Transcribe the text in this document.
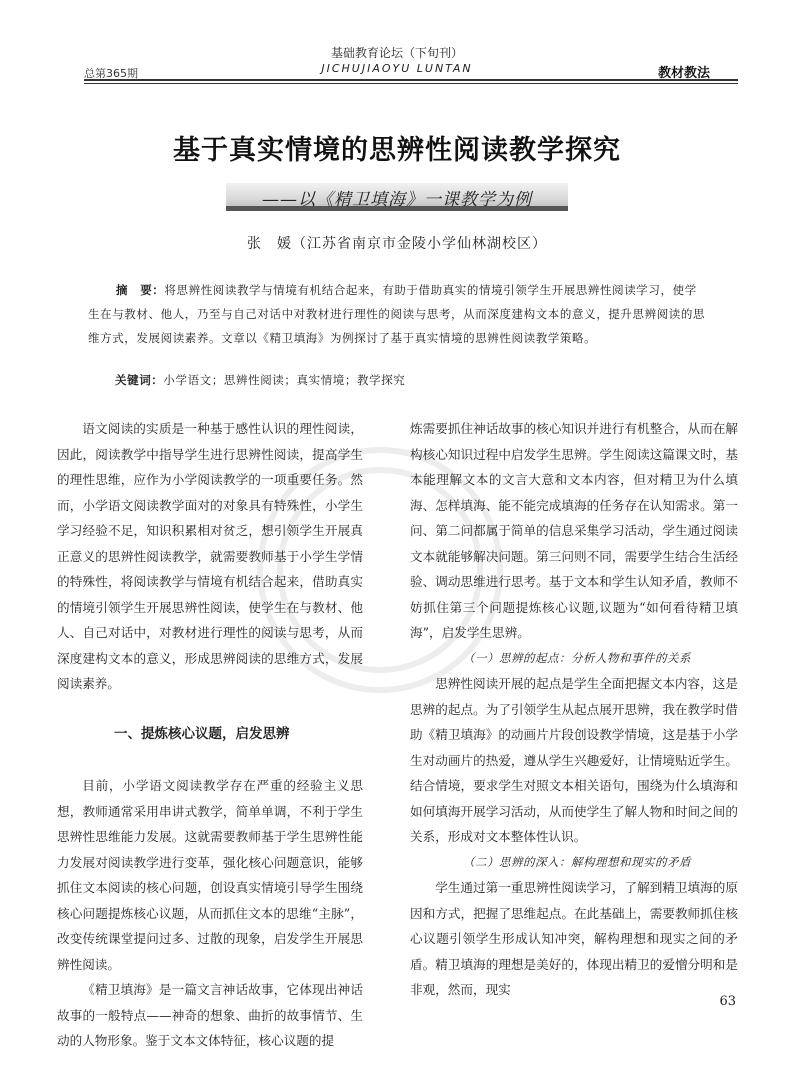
总第365期
基础教育论坛（下旬刊）
JICHUJIAOYU LUNTAN	教材教法
基于真实情境的思辨性阅读教学探究
——以《精卫填海》一课教学为例
张　媛（江苏省南京市金陵小学仙林湖校区）
摘　要：将思辨性阅读教学与情境有机结合起来，有助于借助真实的情境引领学生开展思辨性阅读学习，使学生在与教材、他人，乃至与自己对话中对教材进行理性的阅读与思考，从而深度建构文本的意义，提升思辨阅读的思维方式，发展阅读素养。文章以《精卫填海》为例探讨了基于真实情境的思辨性阅读教学策略。
关键词：小学语文；思辨性阅读；真实情境；教学探究

语文阅读的实质是一种基于感性认识的理性阅读，因此，阅读教学中指导学生进行思辨性阅读，提高学生的理性思维，应作为小学阅读教学的一项重要任务。然而，小学语文阅读教学面对的对象具有特殊性，小学生学习经验不足，知识积累相对贫乏，想引领学生开展真正意义的思辨性阅读教学，就需要教师基于小学生学情的特殊性，将阅读教学与情境有机结合起来，借助真实的情境引领学生开展思辨性阅读，使学生在与教材、他人、自己对话中，对教材进行理性的阅读与思考，从而深度建构文本的意义，形成思辨阅读的思维方式，发展阅读素养。

一、提炼核心议题，启发思辨

目前，小学语文阅读教学存在严重的经验主义思想，教师通常采用串讲式教学，简单单调，不利于学生思辨性思维能力发展。这就需要教师基于学生思辨性能力发展对阅读教学进行变革，强化核心问题意识，能够抓住文本阅读的核心问题，创设真实情境引导学生围绕核心问题提炼核心议题，从而抓住文本的思维“主脉”，改变传统课堂提问过多、过散的现象，启发学生开展思辨性阅读。

《精卫填海》是一篇文言神话故事，它体现出神话故事的一般特点——神奇的想象、曲折的故事情节、生动的人物形象。鉴于文本文体特征，核心议题的提

炼需要抓住神话故事的核心知识并进行有机整合，从而在解构核心知识过程中启发学生思辨。学生阅读这篇课文时，基本能理解文本的文言大意和文本内容，但对精卫为什么填海、怎样填海、能不能完成填海的任务存在认知需求。第一问、第二问都属于简单的信息采集学习活动，学生通过阅读文本就能够解决问题。第三问则不同，需要学生结合生活经验、调动思维进行思考。基于文本和学生认知矛盾，教师不妨抓住第三个问题提炼核心议题,议题为“如何看待精卫填海”，启发学生思辨。

（一）思辨的起点：分析人物和事件的关系

思辨性阅读开展的起点是学生全面把握文本内容，这是思辨的起点。为了引领学生从起点展开思辨，我在教学时借助《精卫填海》的动画片片段创设教学情境，这是基于小学生对动画片的热爱，遵从学生兴趣爱好，让情境贴近学生。结合情境，要求学生对照文本相关语句，围绕为什么填海和如何填海开展学习活动，从而使学生了解人物和时间之间的关系，形成对文本整体性认识。

（二）思辨的深入：解构理想和现实的矛盾

学生通过第一重思辨性阅读学习，了解到精卫填海的原因和方式，把握了思维起点。在此基础上，需要教师抓住核心议题引领学生形成认知冲突，解构理想和现实之间的矛盾。精卫填海的理想是美好的，体现出精卫的爱憎分明和是非观，然而，现实

63
